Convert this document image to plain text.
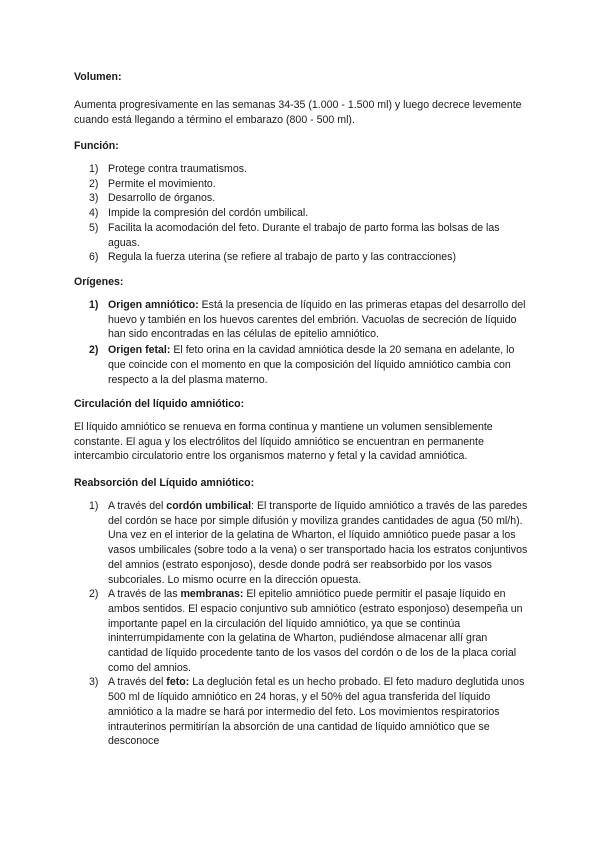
Volumen:
Aumenta progresivamente en las semanas 34-35 (1.000 - 1.500 ml) y luego decrece levemente cuando está llegando a término el embarazo (800 - 500 ml).
Función:
1) Protege contra traumatismos.
2) Permite el movimiento.
3) Desarrollo de órganos.
4) Impide la compresión del cordón umbilical.
5) Facilita la acomodación del feto. Durante el trabajo de parto forma las bolsas de las aguas.
6) Regula la fuerza uterina (se refiere al trabajo de parto y las contracciones)
Orígenes:
1) Origen amniótico: Está la presencia de líquido en las primeras etapas del desarrollo del huevo y también en los huevos carentes del embrión. Vacuolas de secreción de líquido han sido encontradas en las células de epitelio amniótico.
2) Origen fetal: El feto orina en la cavidad amniótica desde la 20 semana en adelante, lo que coincide con el momento en que la composición del líquido amniótico cambia con respecto a la del plasma materno.
Circulación del líquido amniótico:
El líquido amniótico se renueva en forma continua y mantiene un volumen sensiblemente constante. El agua y los electrólitos del líquido amniótico se encuentran en permanente intercambio circulatorio entre los organismos materno y fetal y la cavidad amniótica.
Reabsorción del Líquido amniótico:
1) A través del cordón umbilical: El transporte de líquido amniótico a través de las paredes del cordón se hace por simple difusión y moviliza grandes cantidades de agua (50 ml/h). Una vez en el interior de la gelatina de Wharton, el líquido amniótico puede pasar a los vasos umbilicales (sobre todo a la vena) o ser transportado hacia los estratos conjuntivos del amnios (estrato esponjoso), desde donde podrá ser reabsorbido por los vasos subcoriales. Lo mismo ocurre en la dirección opuesta.
2) A través de las membranas: El epitelio amniótico puede permitir el pasaje líquido en ambos sentidos. El espacio conjuntivo sub amniótico (estrato esponjoso) desempeña un importante papel en la circulación del líquido amniótico, ya que se continúa ininterrumpidamente con la gelatina de Wharton, pudiéndose almacenar allí gran cantidad de líquido procedente tanto de los vasos del cordón o de los de la placa corial como del amnios.
3) A través del feto: La deglución fetal es un hecho probado. El feto maduro deglutida unos 500 ml de líquido amniótico en 24 horas, y el 50% del agua transferida del líquido amniótico a la madre se hará por intermedio del feto. Los movimientos respiratorios intrauterinos permitirían la absorción de una cantidad de líquido amniótico que se desconoce
